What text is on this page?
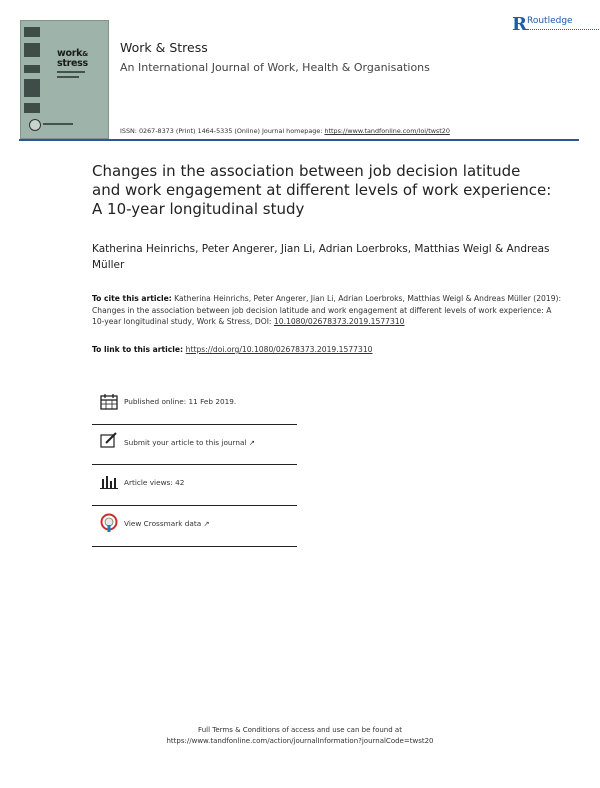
work&
stress
Work & Stress
An International Journal of Work, Health & Organisations
R Routledge
ISSN: 0267-8373 (Print) 1464-5335 (Online) Journal homepage: https://www.tandfonline.com/loi/twst20
Changes in the association between job decision latitude and work engagement at different levels of work experience: A 10-year longitudinal study
Katherina Heinrichs, Peter Angerer, Jian Li, Adrian Loerbroks, Matthias Weigl & Andreas Müller
To cite this article: Katherina Heinrichs, Peter Angerer, Jian Li, Adrian Loerbroks, Matthias Weigl & Andreas Müller (2019): Changes in the association between job decision latitude and work engagement at different levels of work experience: A 10-year longitudinal study, Work & Stress, DOI: 10.1080/02678373.2019.1577310
To link to this article: https://doi.org/10.1080/02678373.2019.1577310
Published online: 11 Feb 2019.
Submit your article to this journal ↗
Article views: 42
View Crossmark data ↗
Full Terms & Conditions of access and use can be found at
https://www.tandfonline.com/action/journalInformation?journalCode=twst20
